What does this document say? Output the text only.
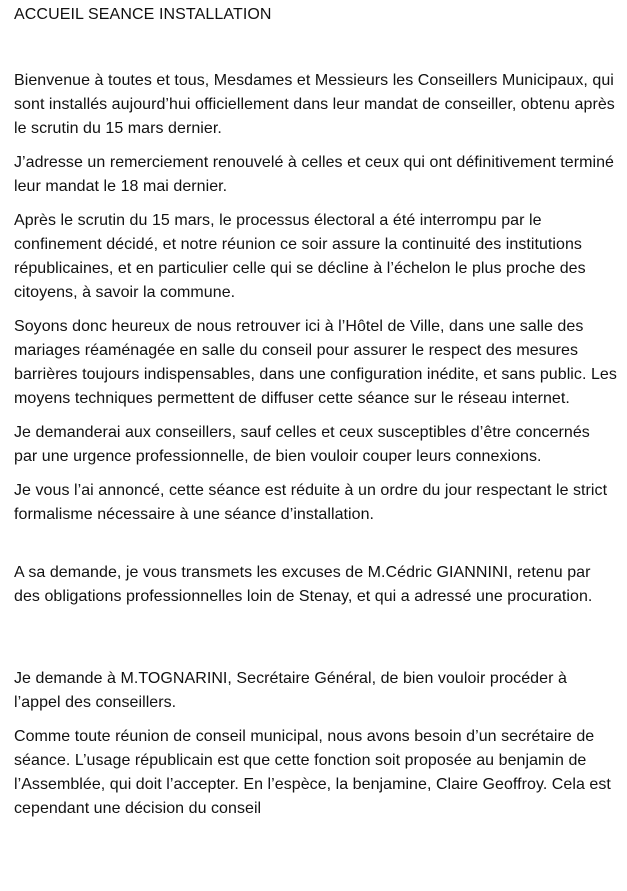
ACCUEIL SEANCE INSTALLATION

Bienvenue à toutes et tous, Mesdames et Messieurs les Conseillers Municipaux, qui sont installés aujourd’hui officiellement dans leur mandat de conseiller, obtenu après le scrutin du 15 mars dernier.

J’adresse un remerciement renouvelé à celles et ceux qui ont définitivement terminé leur mandat le 18 mai dernier.

Après le scrutin du 15 mars, le processus électoral a été interrompu par le confinement décidé, et notre réunion ce soir assure la continuité des institutions républicaines, et en particulier celle qui se décline à l’échelon le plus proche des citoyens, à savoir la commune.

Soyons donc heureux de nous retrouver ici à l’Hôtel de Ville, dans une salle des mariages réaménagée en salle du conseil pour assurer le respect des mesures barrières toujours indispensables, dans une configuration inédite, et sans public. Les moyens techniques permettent de diffuser cette séance sur le réseau internet.

Je demanderai aux conseillers, sauf celles et ceux susceptibles d’être concernés par une urgence professionnelle, de bien vouloir couper leurs connexions.

Je vous l’ai annoncé, cette séance est réduite à un ordre du jour respectant le strict formalisme nécessaire à une séance d’installation.

A sa demande, je vous transmets les excuses de M.Cédric GIANNINI, retenu par des obligations professionnelles loin de Stenay, et qui a adressé une procuration.

Je demande à M.TOGNARINI, Secrétaire Général, de bien vouloir procéder à l’appel des conseillers.

Comme toute réunion de conseil municipal, nous avons besoin d’un secrétaire de séance. L’usage républicain est que cette fonction soit proposée au benjamin de l’Assemblée, qui doit l’accepter. En l’espèce, la benjamine, Claire Geoffroy. Cela est cependant une décision du conseil
